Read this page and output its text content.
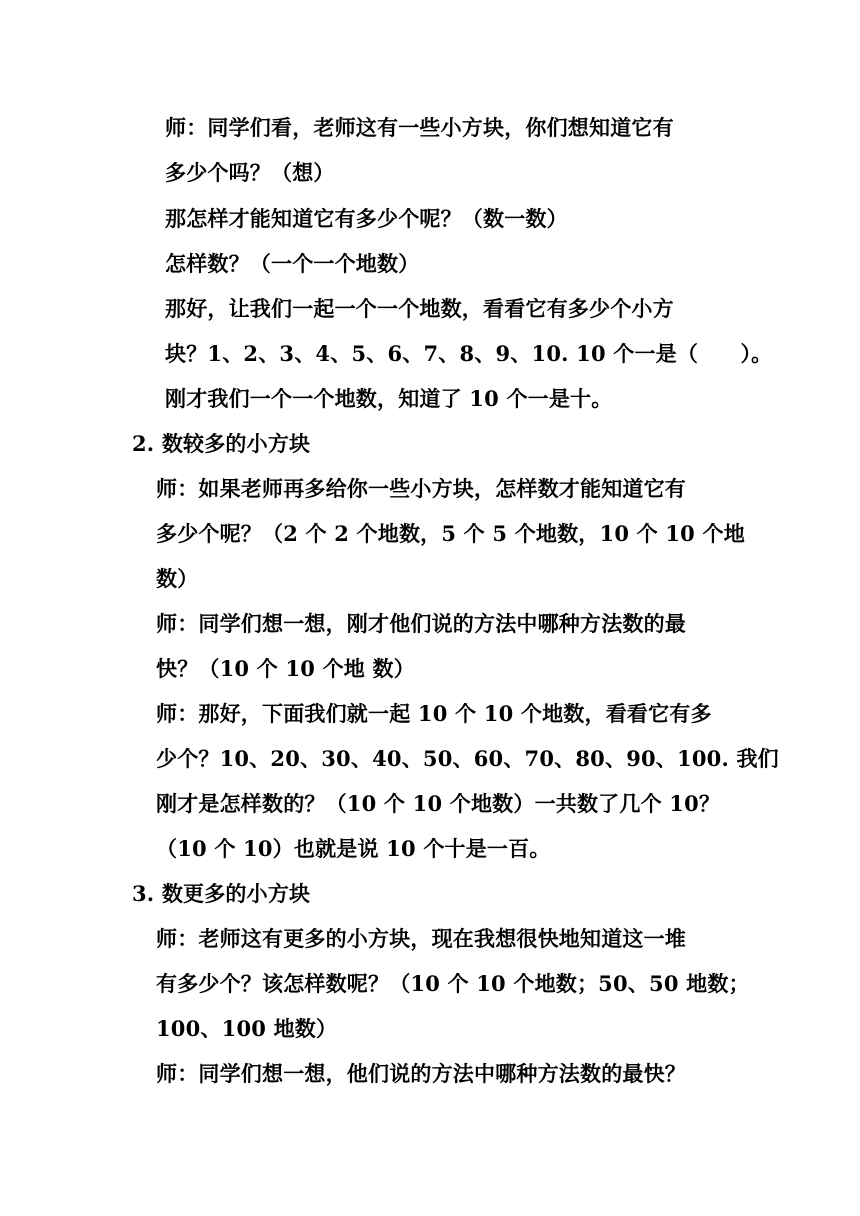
师：同学们看，老师这有一些小方块，你们想知道它有
多少个吗？（想）
那怎样才能知道它有多少个呢？（数一数）
怎样数？（一个一个地数）
那好，让我们一起一个一个地数，看看它有多少个小方
块？1、2、3、4、5、6、7、8、9、10. 10 个一是（　　）。
刚才我们一个一个地数，知道了 10 个一是十。
2. 数较多的小方块
师：如果老师再多给你一些小方块，怎样数才能知道它有
多少个呢？（2 个 2 个地数，5 个 5 个地数，10 个 10 个地
数）
师：同学们想一想，刚才他们说的方法中哪种方法数的最
快？（10 个 10 个地 数）
师：那好，下面我们就一起 10 个 10 个地数，看看它有多
少个？10、20、30、40、50、60、70、80、90、100. 我们
刚才是怎样数的？（10 个 10 个地数）一共数了几个 10？
（10 个 10）也就是说 10 个十是一百。
3. 数更多的小方块
师：老师这有更多的小方块，现在我想很快地知道这一堆
有多少个？该怎样数呢？（10 个 10 个地数；50、50 地数；
100、100 地数）
师：同学们想一想，他们说的方法中哪种方法数的最快？
